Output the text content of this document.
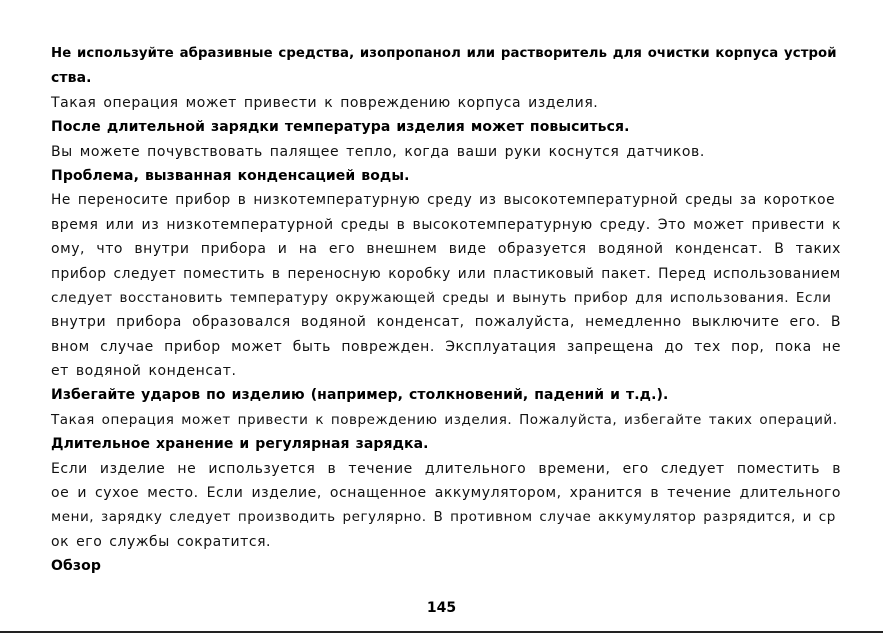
Не используйте абразивные средства, изопропанол или растворитель для очистки корпуса устрой
ства.
Такая операция может привести к повреждению корпуса изделия.
После длительной зарядки температура изделия может повыситься.
Вы можете почувствовать палящее тепло, когда ваши руки коснутся датчиков.
Проблема, вызванная конденсацией воды.
Не переносите прибор в низкотемпературную среду из высокотемпературной среды за короткое
время или из низкотемпературной среды в высокотемпературную среду. Это может привести к
ому, что внутри прибора и на его внешнем виде образуется водяной конденсат. В таких
прибор следует поместить в переносную коробку или пластиковый пакет. Перед использованием
следует восстановить температуру окружающей среды и вынуть прибор для использования. Если
внутри прибора образовался водяной конденсат, пожалуйста, немедленно выключите его. В
вном случае прибор может быть поврежден. Эксплуатация запрещена до тех пор, пока не
ет водяной конденсат.
Избегайте ударов по изделию (например, столкновений, падений и т.д.).
Такая операция может привести к повреждению изделия. Пожалуйста, избегайте таких операций.
Длительное хранение и регулярная зарядка.
Если изделие не используется в течение длительного времени, его следует поместить в
ое и сухое место. Если изделие, оснащенное аккумулятором, хранится в течение длительного
мени, зарядку следует производить регулярно. В противном случае аккумулятор разрядится, и ср
ок его службы сократится.
Обзор
145
